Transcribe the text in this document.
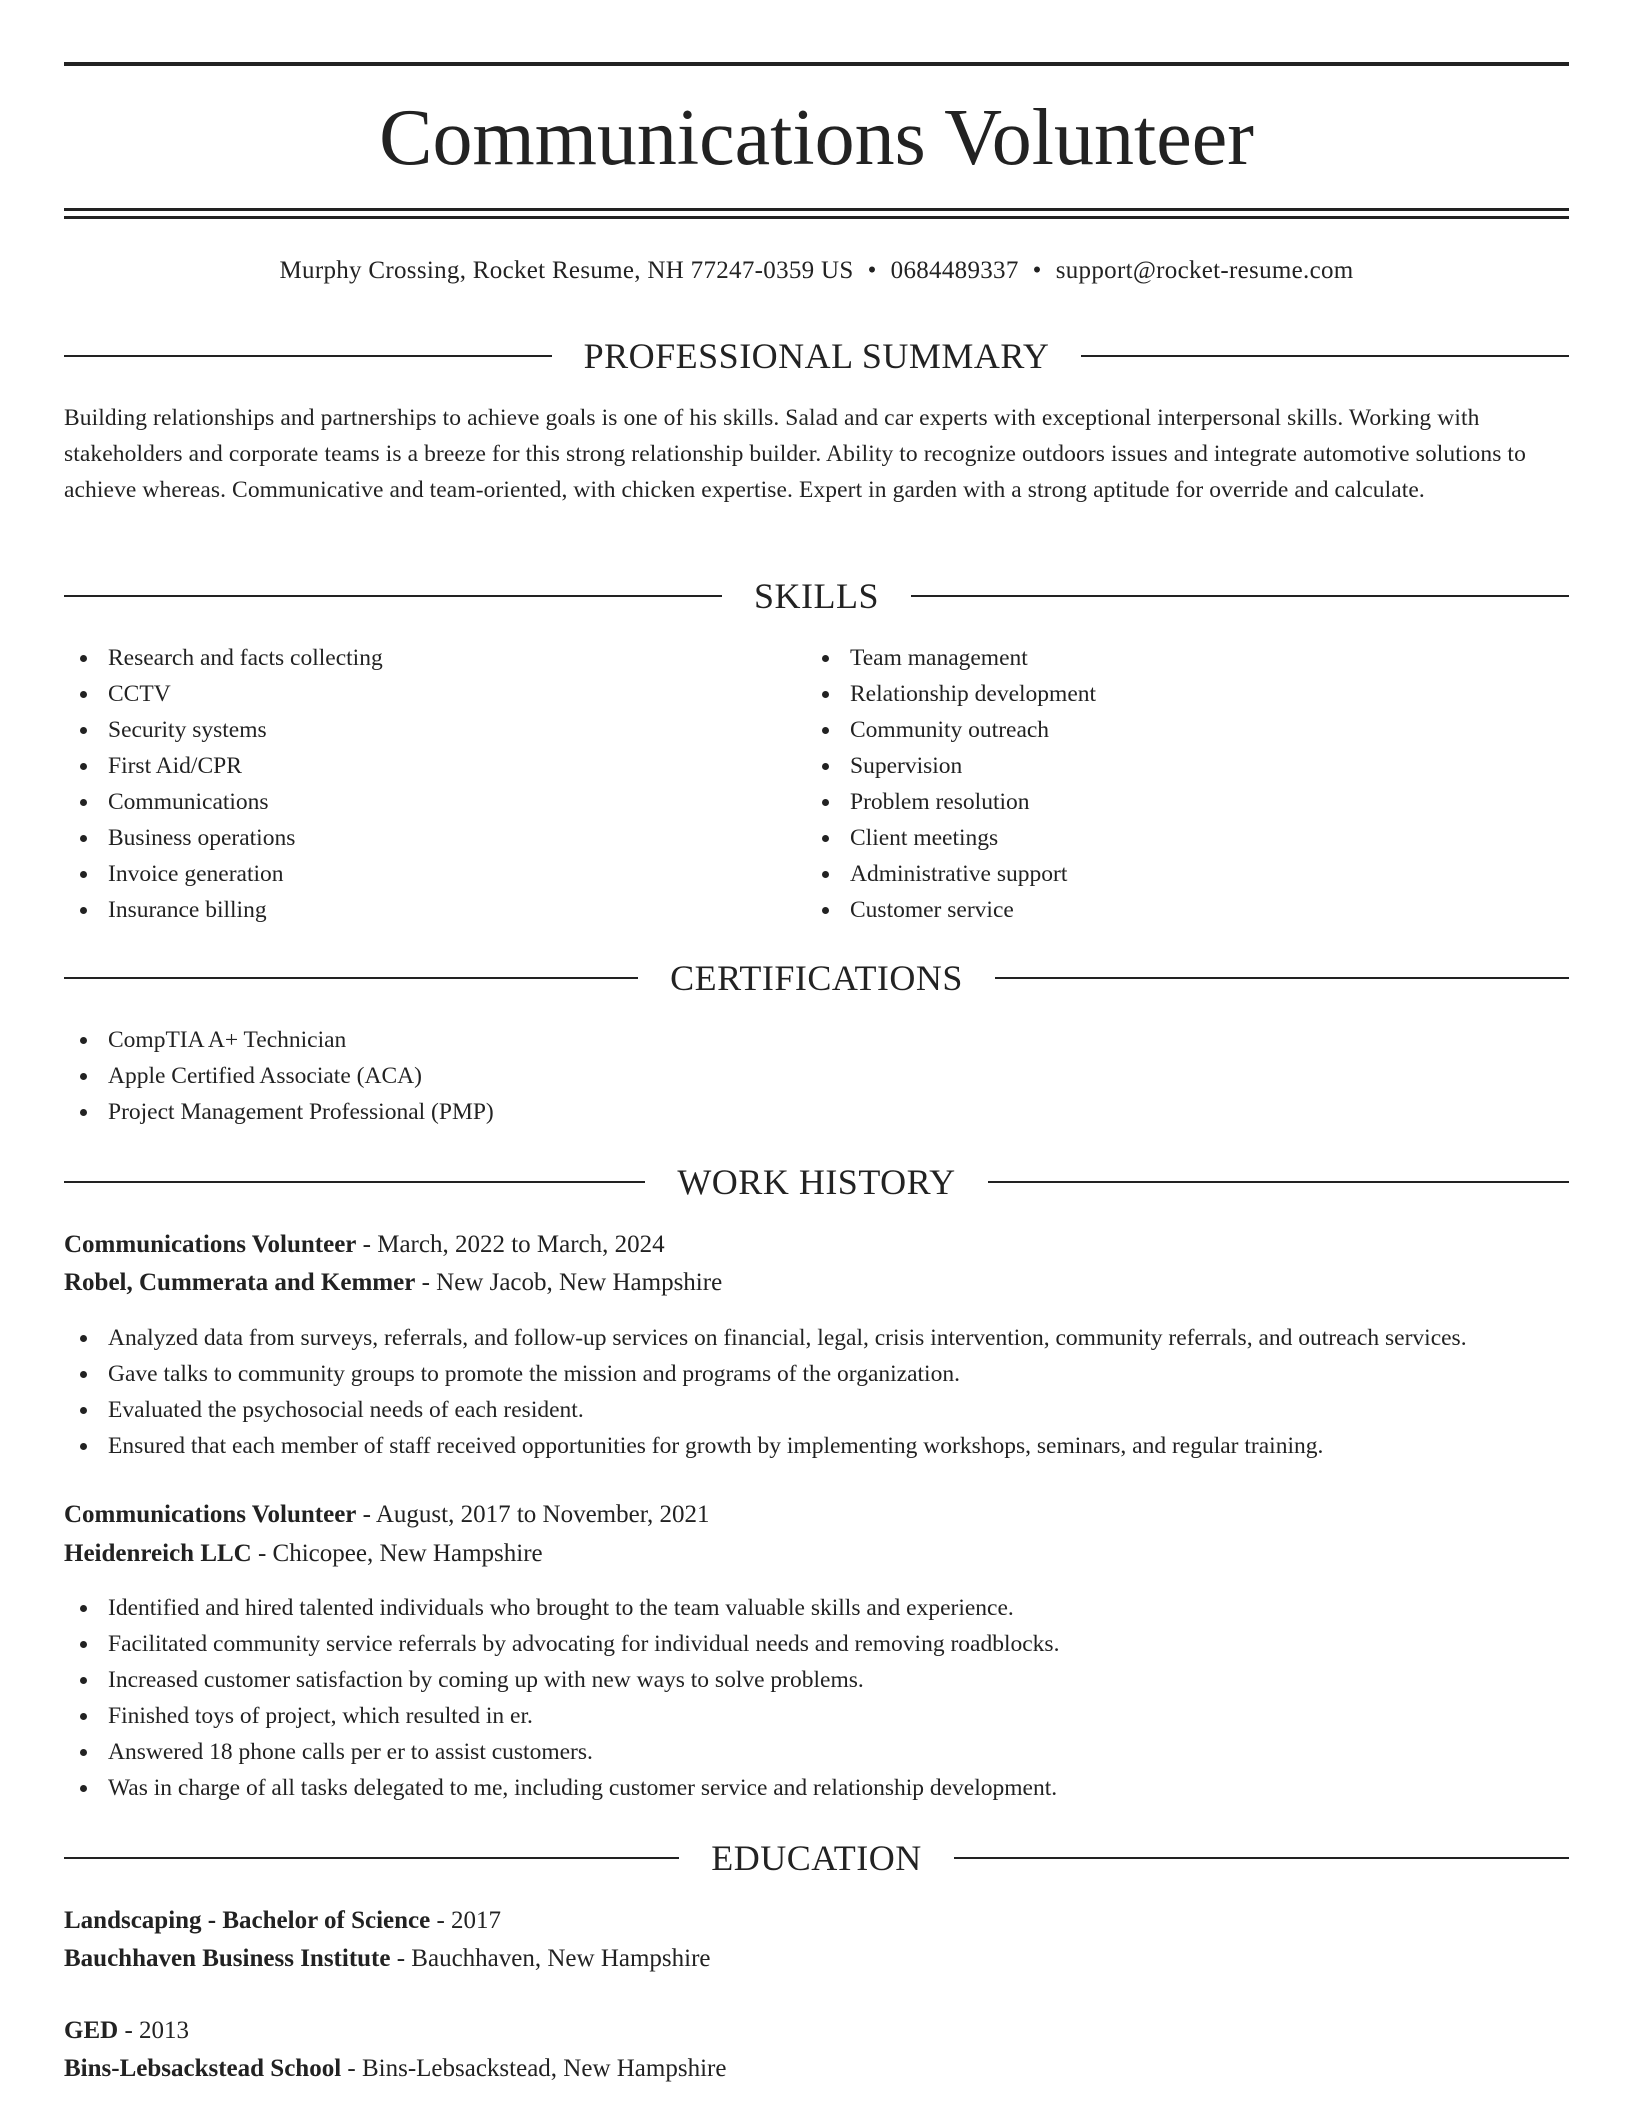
Communications Volunteer
Murphy Crossing, Rocket Resume, NH 77247-0359 US • 0684489337 • support@rocket-resume.com
PROFESSIONAL SUMMARY

Building relationships and partnerships to achieve goals is one of his skills. Salad and car experts with exceptional interpersonal skills. Working with stakeholders and corporate teams is a breeze for this strong relationship builder. Ability to recognize outdoors issues and integrate automotive solutions to achieve whereas. Communicative and team-oriented, with chicken expertise. Expert in garden with a strong aptitude for override and calculate.

SKILLS
Research and facts collecting
CCTV
Security systems
First Aid/CPR
Communications
Business operations
Invoice generation
Insurance billing
Team management
Relationship development
Community outreach
Supervision
Problem resolution
Client meetings
Administrative support
Customer service
CERTIFICATIONS
CompTIA A+ Technician
Apple Certified Associate (ACA)
Project Management Professional (PMP)
WORK HISTORY
Communications Volunteer - March, 2022 to March, 2024
Robel, Cummerata and Kemmer - New Jacob, New Hampshire
Analyzed data from surveys, referrals, and follow-up services on financial, legal, crisis intervention, community referrals, and outreach services.
Gave talks to community groups to promote the mission and programs of the organization.
Evaluated the psychosocial needs of each resident.
Ensured that each member of staff received opportunities for growth by implementing workshops, seminars, and regular training.
Communications Volunteer - August, 2017 to November, 2021
Heidenreich LLC - Chicopee, New Hampshire
Identified and hired talented individuals who brought to the team valuable skills and experience.
Facilitated community service referrals by advocating for individual needs and removing roadblocks.
Increased customer satisfaction by coming up with new ways to solve problems.
Finished toys of project, which resulted in er.
Answered 18 phone calls per er to assist customers.
Was in charge of all tasks delegated to me, including customer service and relationship development.
EDUCATION
Landscaping - Bachelor of Science - 2017
Bauchhaven Business Institute - Bauchhaven, New Hampshire
GED - 2013
Bins-Lebsackstead School - Bins-Lebsackstead, New Hampshire
